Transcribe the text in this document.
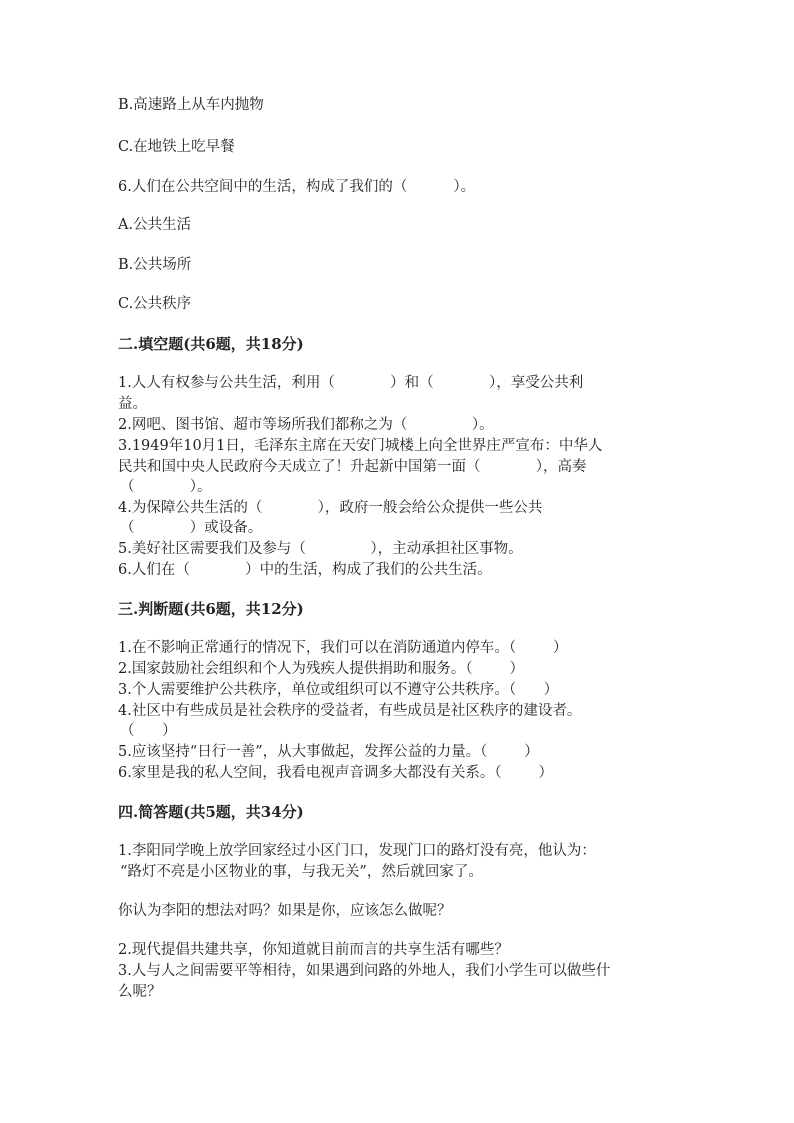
B.高速路上从车内抛物

C.在地铁上吃早餐

6.人们在公共空间中的生活，构成了我们的（          ）。

A.公共生活

B.公共场所

C.公共秩序

二.填空题(共6题，共18分)

1.人人有权参与公共生活，利用（            ）和（            ），享受公共利

益。

2.网吧、图书馆、超市等场所我们都称之为（              ）。

3.1949年10月1日，毛泽东主席在天安门城楼上向全世界庄严宣布：中华人

民共和国中央人民政府今天成立了！升起新中国第一面（            ），高奏

（            ）。

4.为保障公共生活的（            ），政府一般会给公众提供一些公共

（            ）或设备。

5.美好社区需要我们及参与（              ），主动承担社区事物。

6.人们在（            ）中的生活，构成了我们的公共生活。

三.判断题(共6题，共12分)

1.在不影响正常通行的情况下，我们可以在消防通道内停车。（        ）

2.国家鼓励社会组织和个人为残疾人提供捐助和服务。（        ）

3.个人需要维护公共秩序，单位或组织可以不遵守公共秩序。（      ）

4.社区中有些成员是社会秩序的受益者，有些成员是社区秩序的建设者。

（      ）

5.应该坚持“日行一善”，从大事做起，发挥公益的力量。（        ）

6.家里是我的私人空间，我看电视声音调多大都没有关系。（        ）

四.简答题(共5题，共34分)

1.李阳同学晚上放学回家经过小区门口，发现门口的路灯没有亮，他认为：

“路灯不亮是小区物业的事，与我无关”，然后就回家了。

你认为李阳的想法对吗？如果是你，应该怎么做呢？

2.现代提倡共建共享，你知道就目前而言的共享生活有哪些？

3.人与人之间需要平等相待，如果遇到问路的外地人，我们小学生可以做些什

么呢？
